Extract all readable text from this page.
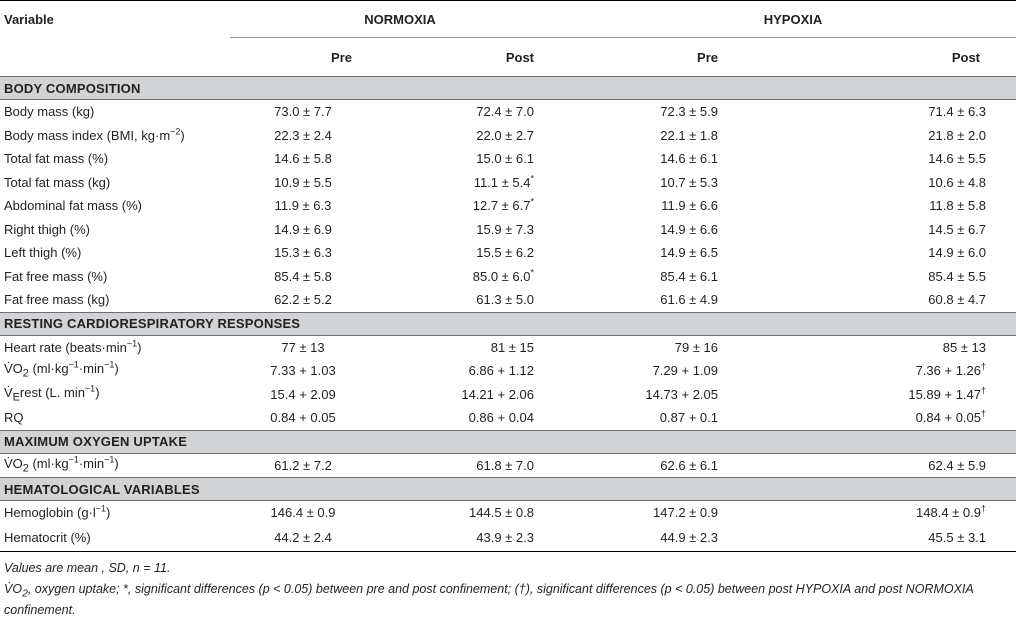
Variable	NORMOXIA		HYPOXIA	
	Pre	Post	Pre	Post
BODY COMPOSITION				
Body mass (kg)	73.0 ± 7.7	72.4 ± 7.0	72.3 ± 5.9	71.4 ± 6.3
Body mass index (BMI, $kg\cdot m^{-2}$)	22.3 ± 2.4	22.0 ± 2.7	22.1 ± 1.8	21.8 ± 2.0
Total fat mass (%)	14.6 ± 5.8	15.0 ± 6.1	14.6 ± 6.1	14.6 ± 5.5
Total fat mass (kg)	10.9 ± 5.5	11.1 ± 5.4*	10.7 ± 5.3	10.6 ± 4.8
Abdominal fat mass (%)	11.9 ± 6.3	12.7 ± 6.7*	11.9 ± 6.6	11.8 ± 5.8
Right thigh (%)	14.9 ± 6.9	15.9 ± 7.3	14.9 ± 6.6	14.5 ± 6.7
Left thigh (%)	15.3 ± 6.3	15.5 ± 6.2	14.9 ± 6.5	14.9 ± 6.0
Fat free mass (%)	85.4 ± 5.8	85.0 ± 6.0*	85.4 ± 6.1	85.4 ± 5.5
Fat free mass (kg)	62.2 ± 5.2	61.3 ± 5.0	61.6 ± 4.9	60.8 ± 4.7
RESTING CARDIORESPIRATORY RESPONSES				
Heart rate $(beats\cdot\min^{-1})$	77 ± 13	81 ± 15	79 ± 16	85 ± 13
$V̇O_2$ $(ml\cdot kg^{-1}\cdot\min^{-1})$	7.33 + 1.03	6.86 + 1.12	7.29 + 1.09	7.36 + 1.26†
$V̇_Erest$ (L. $\min^{-1}$)	15.4 + 2.09	14.21 + 2.06	14.73 + 2.05	15.89 + 1.47†
RQ	0.84 + 0.05	0.86 + 0.04	0.87 + 0.1	0.84 + 0.05†
MAXIMUM OXYGEN UPTAKE				
$V̇O_2$ $(ml\cdot kg^{-1}\cdot\min^{-1})$	61.2 ± 7.2	61.8 ± 7.0	62.6 ± 6.1	62.4 ± 5.9
HEMATOLOGICAL VARIABLES				
Hemoglobin $(g\cdot l^{-1})$	146.4 ± 0.9	144.5 ± 0.8	147.2 ± 0.9	148.4 ± 0.9†
Hematocrit (%)	44.2 ± 2.4	43.9 ± 2.3	44.9 ± 2.3	45.5 ± 3.1

Values are mean , SD, n = 11.

$V̇O_2$, oxygen uptake; *, significant differences (p < 0.05) between pre and post confinement; (†), significant differences (p < 0.05) between post HYPOXIA and post NORMOXIA confinement.
